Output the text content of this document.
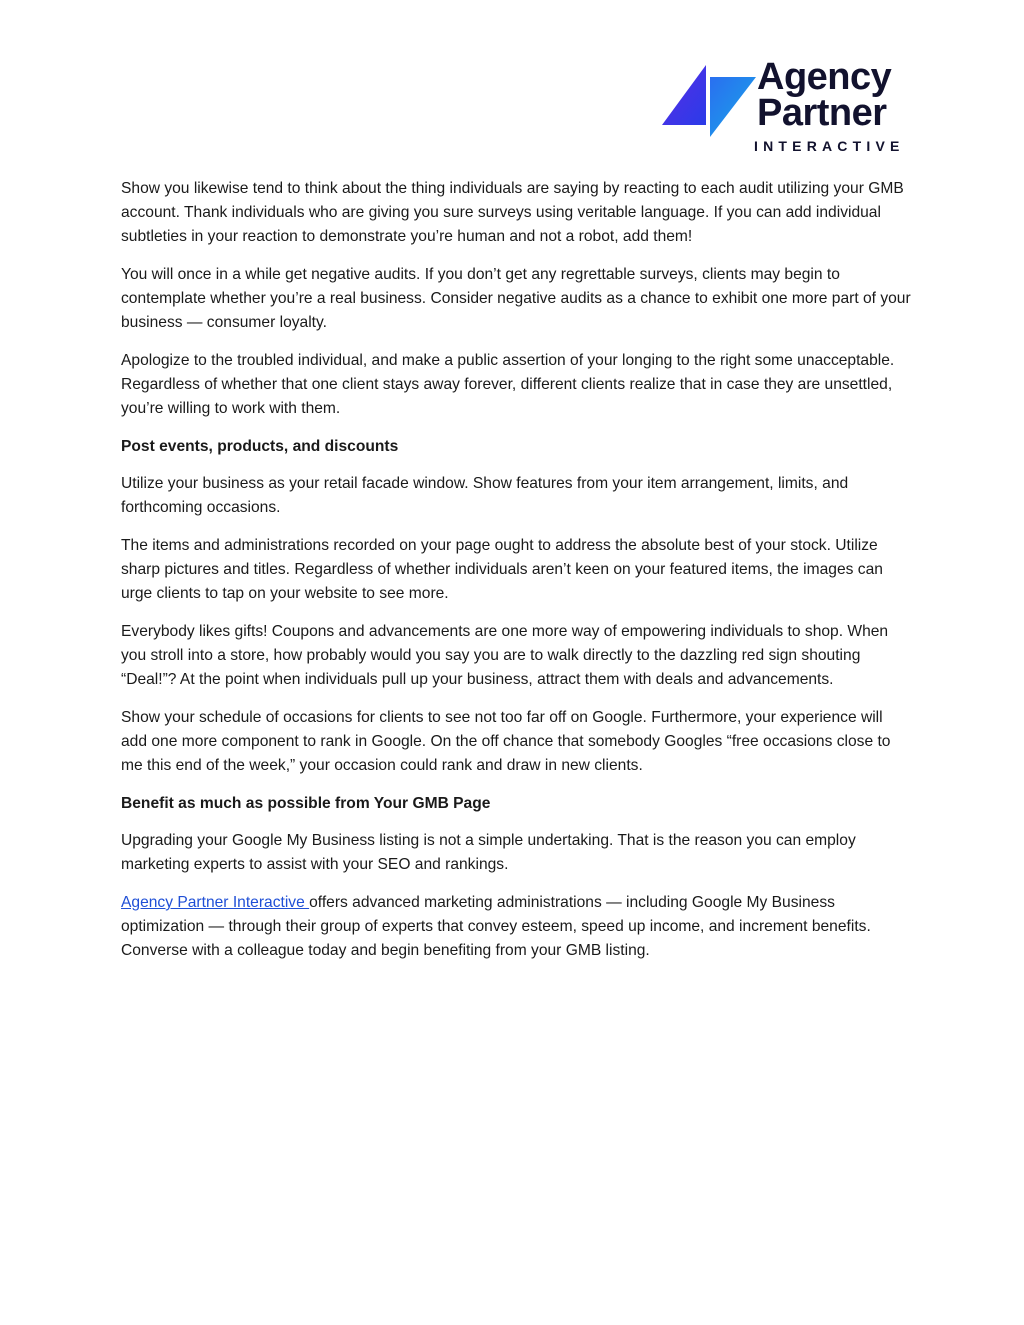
Agency
Partner
INTERACTIVE

Show you likewise tend to think about the thing individuals are saying by reacting to each audit utilizing your GMB account. Thank individuals who are giving you sure surveys using veritable language. If you can add individual subtleties in your reaction to demonstrate you’re human and not a robot, add them!

You will once in a while get negative audits. If you don’t get any regrettable surveys, clients may begin to contemplate whether you’re a real business. Consider negative audits as a chance to exhibit one more part of your business — consumer loyalty.

Apologize to the troubled individual, and make a public assertion of your longing to the right some unacceptable. Regardless of whether that one client stays away forever, different clients realize that in case they are unsettled, you’re willing to work with them.

Post events, products, and discounts

Utilize your business as your retail facade window. Show features from your item arrangement, limits, and forthcoming occasions.

The items and administrations recorded on your page ought to address the absolute best of your stock. Utilize sharp pictures and titles. Regardless of whether individuals aren’t keen on your featured items, the images can urge clients to tap on your website to see more.

Everybody likes gifts! Coupons and advancements are one more way of empowering individuals to shop. When you stroll into a store, how probably would you say you are to walk directly to the dazzling red sign shouting “Deal!”? At the point when individuals pull up your business, attract them with deals and advancements.

Show your schedule of occasions for clients to see not too far off on Google. Furthermore, your experience will add one more component to rank in Google. On the off chance that somebody Googles “free occasions close to me this end of the week,” your occasion could rank and draw in new clients.

Benefit as much as possible from Your GMB Page

Upgrading your Google My Business listing is not a simple undertaking. That is the reason you can employ marketing experts to assist with your SEO and rankings.

Agency Partner Interactive offers advanced marketing administrations — including Google My Business optimization — through their group of experts that convey esteem, speed up income, and increment benefits. Converse with a colleague today and begin benefiting from your GMB listing.
